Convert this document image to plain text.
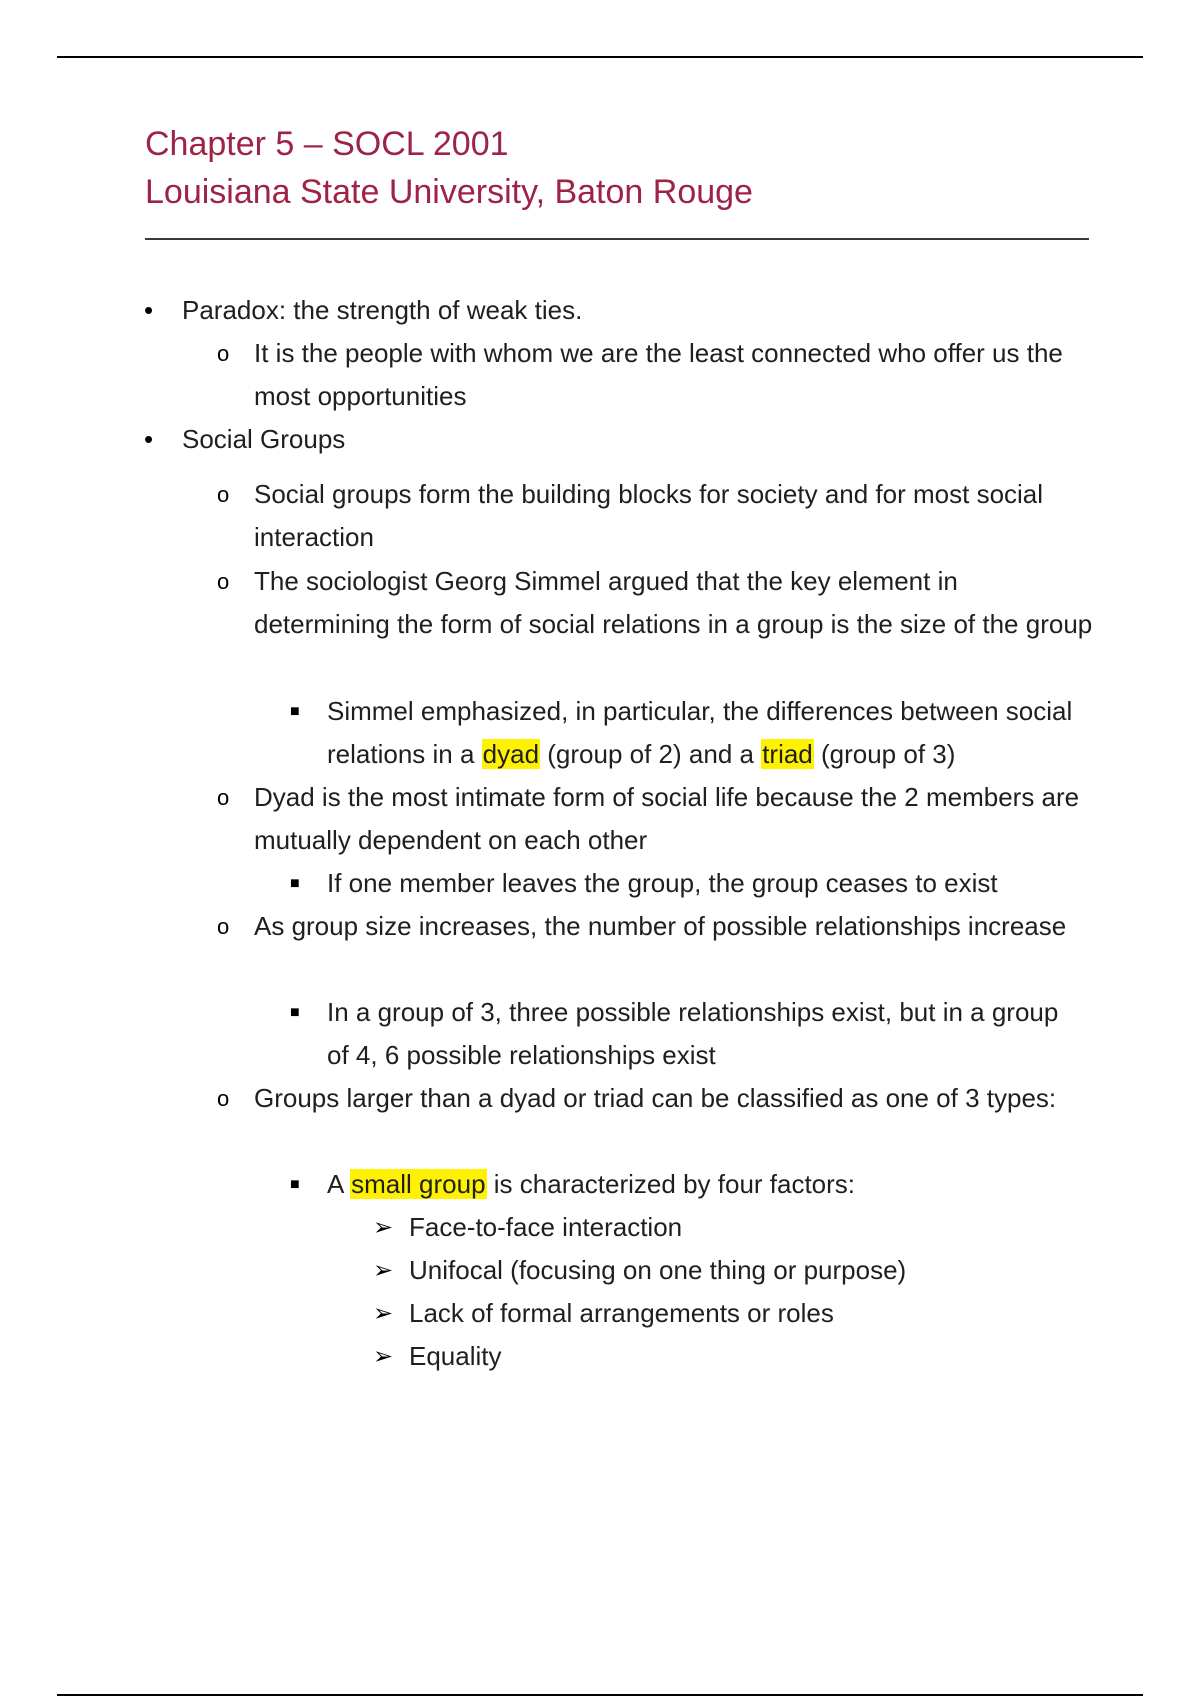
Chapter 5 – SOCL 2001
Louisiana State University, Baton Rouge
• Paradox: the strength of weak ties.
o It is the people with whom we are the least connected who offer us the most opportunities
• Social Groups
o Social groups form the building blocks for society and for most social interaction
o The sociologist Georg Simmel argued that the key element in determining the form of social relations in a group is the size of the group
■ Simmel emphasized, in particular, the differences between social relations in a dyad (group of 2) and a triad (group of 3)
o Dyad is the most intimate form of social life because the 2 members are mutually dependent on each other
■ If one member leaves the group, the group ceases to exist
o As group size increases, the number of possible relationships increase
■ In a group of 3, three possible relationships exist, but in a group of 4, 6 possible relationships exist
o Groups larger than a dyad or triad can be classified as one of 3 types:
■ A small group is characterized by four factors:
➢ Face-to-face interaction
➢ Unifocal (focusing on one thing or purpose)
➢ Lack of formal arrangements or roles
➢ Equality
